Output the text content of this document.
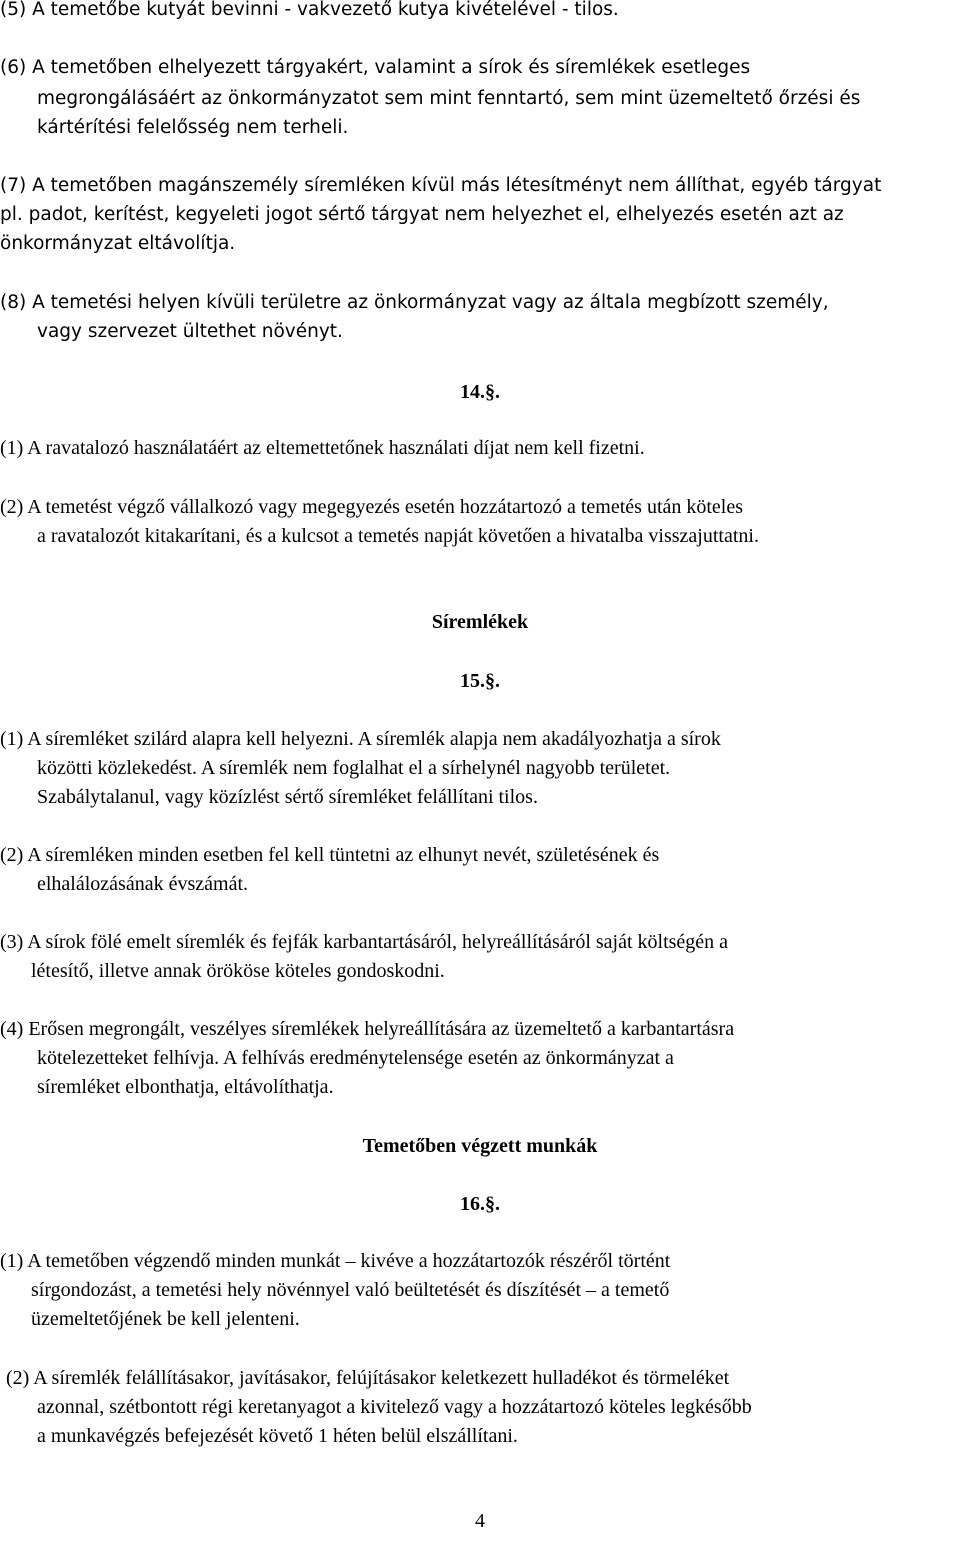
(5) A temetőbe kutyát bevinni - vakvezető kutya kivételével - tilos.
(6) A temetőben elhelyezett tárgyakért, valamint a sírok és síremlékek esetleges
megrongálásáért az önkormányzatot sem mint fenntartó, sem mint üzemeltető őrzési és
kártérítési felelősség nem terheli.
(7) A temetőben magánszemély síremléken kívül más létesítményt nem állíthat, egyéb tárgyat
pl. padot, kerítést, kegyeleti jogot sértő tárgyat nem helyezhet el, elhelyezés esetén azt az
önkormányzat eltávolítja.
(8) A temetési helyen kívüli területre az önkormányzat vagy az általa megbízott személy,
vagy szervezet ültethet növényt.
14.§.
(1) A ravatalozó használatáért az eltemettetőnek használati díjat nem kell fizetni.
(2) A temetést végző vállalkozó vagy megegyezés esetén hozzátartozó a temetés után köteles
a ravatalozót kitakarítani, és a kulcsot a temetés napját követően a hivatalba visszajuttatni.
Síremlékek
15.§.
(1) A síremléket szilárd alapra kell helyezni. A síremlék alapja nem akadályozhatja a sírok
közötti közlekedést. A síremlék nem foglalhat el a sírhelynél nagyobb területet.
Szabálytalanul, vagy közízlést sértő síremléket felállítani tilos.
(2) A síremléken minden esetben fel kell tüntetni az elhunyt nevét, születésének és
elhalálozásának évszámát.
(3) A sírok fölé emelt síremlék és fejfák karbantartásáról, helyreállításáról saját költségén a
létesítő, illetve annak örököse köteles gondoskodni.
(4) Erősen megrongált, veszélyes síremlékek helyreállítására az üzemeltető a karbantartásra
kötelezetteket felhívja. A felhívás eredménytelensége esetén az önkormányzat a
síremléket elbonthatja, eltávolíthatja.
Temetőben végzett munkák
16.§.
(1) A temetőben végzendő minden munkát – kivéve a hozzátartozók részéről történt
sírgondozást, a temetési hely növénnyel való beültetését és díszítését – a temető
üzemeltetőjének be kell jelenteni.
(2) A síremlék felállításakor, javításakor, felújításakor keletkezett hulladékot és törmeléket
azonnal, szétbontott régi keretanyagot a kivitelező vagy a hozzátartozó köteles legkésőbb
a munkavégzés befejezését követő 1 héten belül elszállítani.
4
